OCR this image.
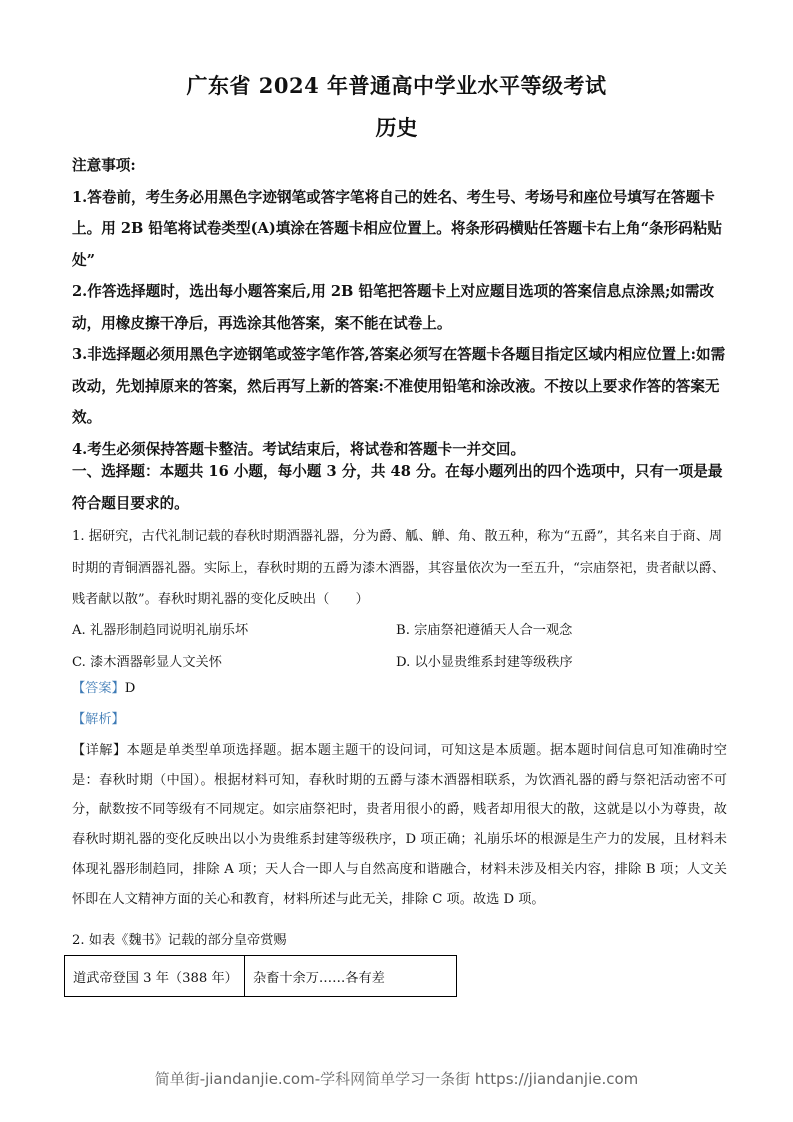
广东省 2024 年普通高中学业水平等级考试
历史

注意事项:

1.答卷前，考生务必用黑色字迹钢笔或答字笔将自己的姓名、考生号、考场号和座位号填写在答题卡上。用 2B 铅笔将试卷类型(A)填涂在答题卡相应位置上。将条形码横贴任答题卡右上角“条形码粘贴处”

2.作答选择题时，选出每小题答案后,用 2B 铅笔把答题卡上对应题目选项的答案信息点涂黑;如需改动，用橡皮擦干净后，再选涂其他答案，案不能在试卷上。

3.非选择题必须用黑色字迹钢笔或签字笔作答,答案必须写在答题卡各题目指定区域内相应位置上:如需改动，先划掉原来的答案，然后再写上新的答案:不准使用铅笔和涂改液。不按以上要求作答的答案无效。

4.考生必须保持答题卡整洁。考试结束后，将试卷和答题卡一并交回。

一、选择题：本题共 16 小题，每小题 3 分，共 48 分。在每小题列出的四个选项中，只有一项是最符合题目要求的。
1. 据研究，古代礼制记载的春秋时期酒器礼器，分为爵、觚、觯、角、散五种，称为“五爵”，其名来自于商、周时期的青铜酒器礼器。实际上，春秋时期的五爵为漆木酒器，其容量依次为一至五升，“宗庙祭祀，贵者献以爵、贱者献以散”。春秋时期礼器的变化反映出（　　）
A. 礼器形制趋同说明礼崩乐坏	B. 宗庙祭祀遵循天人合一观念
C. 漆木酒器彰显人文关怀	D. 以小显贵维系封建等级秩序
【答案】D
【解析】
【详解】本题是单类型单项选择题。据本题主题干的设问词，可知这是本质题。据本题时间信息可知准确时空是：春秋时期（中国）。根据材料可知，春秋时期的五爵与漆木酒器相联系，为饮酒礼器的爵与祭祀活动密不可分，献数按不同等级有不同规定。如宗庙祭祀时，贵者用很小的爵，贱者却用很大的散，这就是以小为尊贵，故春秋时期礼器的变化反映出以小为贵维系封建等级秩序，D 项正确；礼崩乐坏的根源是生产力的发展，且材料未体现礼器形制趋同，排除 A 项；天人合一即人与自然高度和谐融合，材料未涉及相关内容，排除 B 项；人文关怀即在人文精神方面的关心和教育，材料所述与此无关，排除 C 项。故选 D 项。
2. 如表《魏书》记载的部分皇帝赏赐
道武帝登国 3 年（388 年）	杂畜十余万……各有差
简单街-jiandanjie.com-学科网简单学习一条街 https://jiandanjie.com
